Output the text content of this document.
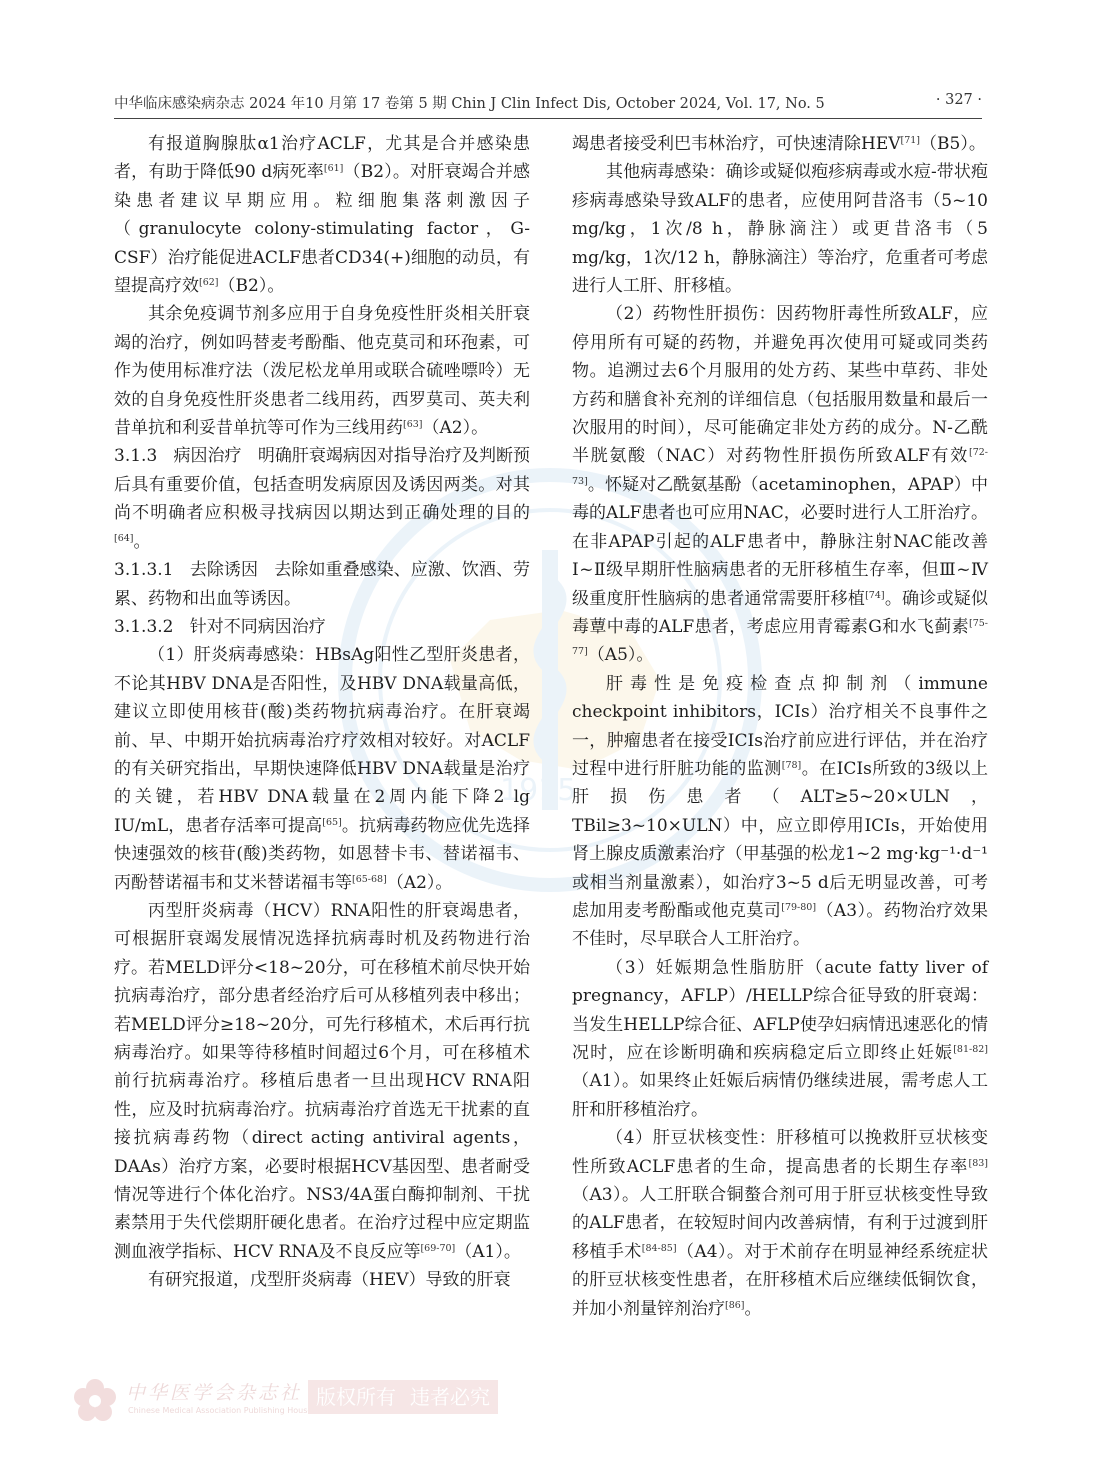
中华临床感染病杂志 2024 年10 月第 17 卷第 5 期 Chin J Clin Infect Dis, October 2024, Vol. 17, No. 5	· 327 ·
1915

有报道胸腺肽α1治疗ACLF，尤其是合并感染患者，有助于降低90 d病死率[61]（B2）。对肝衰竭合并感染患者建议早期应用。粒细胞集落刺激因子（granulocyte colony-stimulating factor，G-CSF）治疗能促进ACLF患者CD34(+)细胞的动员，有望提高疗效[62]（B2）。

其余免疫调节剂多应用于自身免疫性肝炎相关肝衰竭的治疗，例如吗替麦考酚酯、他克莫司和环孢素，可作为使用标准疗法（泼尼松龙单用或联合硫唑嘌呤）无效的自身免疫性肝炎患者二线用药，西罗莫司、英夫利昔单抗和利妥昔单抗等可作为三线用药[63]（A2）。

3.1.3 病因治疗 明确肝衰竭病因对指导治疗及判断预后具有重要价值，包括查明发病原因及诱因两类。对其尚不明确者应积极寻找病因以期达到正确处理的目的[64]。

3.1.3.1 去除诱因 去除如重叠感染、应激、饮酒、劳累、药物和出血等诱因。

3.1.3.2 针对不同病因治疗

（1）肝炎病毒感染：HBsAg阳性乙型肝炎患者，不论其HBV DNA是否阳性，及HBV DNA载量高低，建议立即使用核苷(酸)类药物抗病毒治疗。在肝衰竭前、早、中期开始抗病毒治疗疗效相对较好。对ACLF的有关研究指出，早期快速降低HBV DNA载量是治疗的关键，若HBV DNA载量在2周内能下降2 lg IU/mL，患者存活率可提高[65]。抗病毒药物应优先选择快速强效的核苷(酸)类药物，如恩替卡韦、替诺福韦、丙酚替诺福韦和艾米替诺福韦等[65-68]（A2）。

丙型肝炎病毒（HCV）RNA阳性的肝衰竭患者，可根据肝衰竭发展情况选择抗病毒时机及药物进行治疗。若MELD评分<18~20分，可在移植术前尽快开始抗病毒治疗，部分患者经治疗后可从移植列表中移出；若MELD评分≥18~20分，可先行移植术，术后再行抗病毒治疗。如果等待移植时间超过6个月，可在移植术前行抗病毒治疗。移植后患者一旦出现HCV RNA阳性，应及时抗病毒治疗。抗病毒治疗首选无干扰素的直接抗病毒药物（direct acting antiviral agents，DAAs）治疗方案，必要时根据HCV基因型、患者耐受情况等进行个体化治疗。NS3/4A蛋白酶抑制剂、干扰素禁用于失代偿期肝硬化患者。在治疗过程中应定期监测血液学指标、HCV RNA及不良反应等[69-70]（A1）。

有研究报道，戊型肝炎病毒（HEV）导致的肝衰

竭患者接受利巴韦林治疗，可快速清除HEV[71]（B5）。

其他病毒感染：确诊或疑似疱疹病毒或水痘-带状疱疹病毒感染导致ALF的患者，应使用阿昔洛韦（5~10 mg/kg，1次/8 h，静脉滴注）或更昔洛韦（5 mg/kg，1次/12 h，静脉滴注）等治疗，危重者可考虑进行人工肝、肝移植。

（2）药物性肝损伤：因药物肝毒性所致ALF，应停用所有可疑的药物，并避免再次使用可疑或同类药物。追溯过去6个月服用的处方药、某些中草药、非处方药和膳食补充剂的详细信息（包括服用数量和最后一次服用的时间），尽可能确定非处方药的成分。N-乙酰半胱氨酸（NAC）对药物性肝损伤所致ALF有效[72-73]。怀疑对乙酰氨基酚（acetaminophen，APAP）中毒的ALF患者也可应用NAC，必要时进行人工肝治疗。在非APAP引起的ALF患者中，静脉注射NAC能改善Ⅰ~Ⅱ级早期肝性脑病患者的无肝移植生存率，但Ⅲ~Ⅳ级重度肝性脑病的患者通常需要肝移植[74]。确诊或疑似毒蕈中毒的ALF患者，考虑应用青霉素G和水飞蓟素[75-77]（A5）。

肝毒性是免疫检查点抑制剂（immune checkpoint inhibitors，ICIs）治疗相关不良事件之一，肿瘤患者在接受ICIs治疗前应进行评估，并在治疗过程中进行肝脏功能的监测[78]。在ICIs所致的3级以上肝损伤患者（ALT≥5~20×ULN，TBil≥3~10×ULN）中，应立即停用ICIs，开始使用肾上腺皮质激素治疗（甲基强的松龙1~2 mg·kg⁻¹·d⁻¹或相当剂量激素），如治疗3~5 d后无明显改善，可考虑加用麦考酚酯或他克莫司[79-80]（A3）。药物治疗效果不佳时，尽早联合人工肝治疗。

（3）妊娠期急性脂肪肝（acute fatty liver of pregnancy，AFLP）/HELLP综合征导致的肝衰竭：当发生HELLP综合征、AFLP使孕妇病情迅速恶化的情况时，应在诊断明确和疾病稳定后立即终止妊娠[81-82]（A1）。如果终止妊娠后病情仍继续进展，需考虑人工肝和肝移植治疗。

（4）肝豆状核变性：肝移植可以挽救肝豆状核变性所致ACLF患者的生命，提高患者的长期生存率[83]（A3）。人工肝联合铜螯合剂可用于肝豆状核变性导致的ALF患者，在较短时间内改善病情，有利于过渡到肝移植手术[84-85]（A4）。对于术前存在明显神经系统症状的肝豆状核变性患者，在肝移植术后应继续低铜饮食，并加小剂量锌剂治疗[86]。

中华医学会杂志社
Chinese Medical Association Publishing House
版权所有 违者必究
